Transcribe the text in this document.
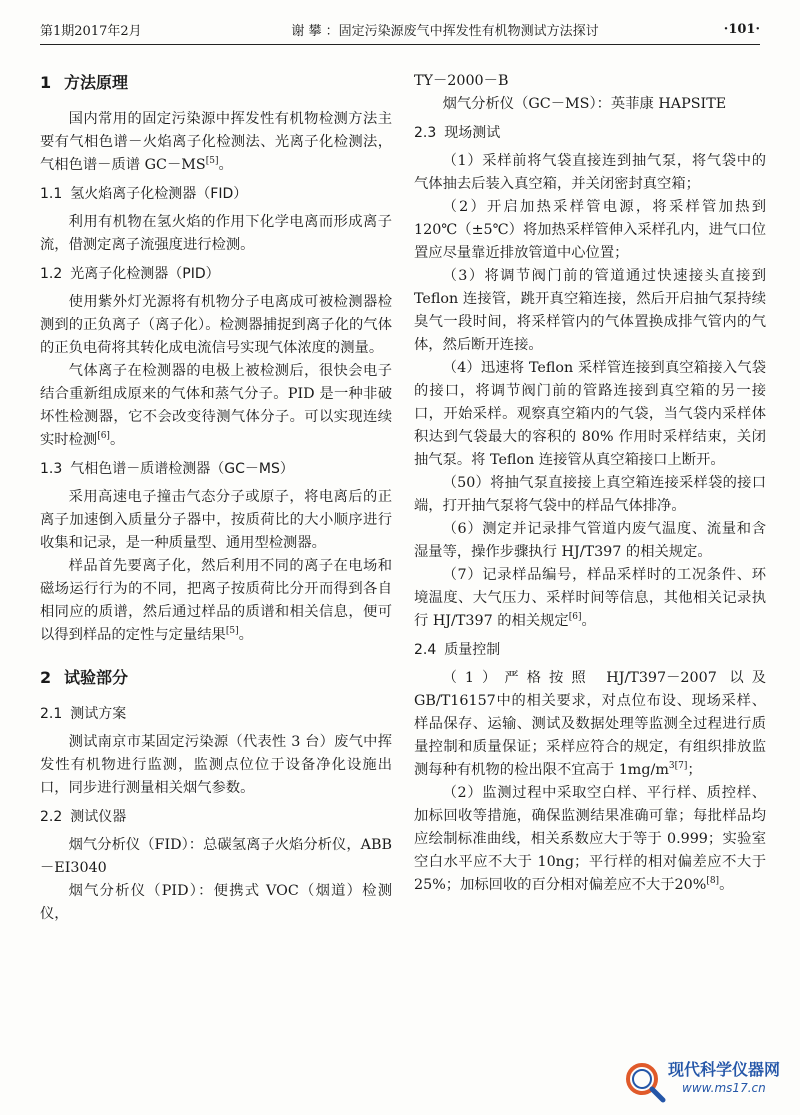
第1期2017年2月	谢 攀 ：固定污染源废气中挥发性有机物测试方法探讨	·101·
1 方法原理

国内常用的固定污染源中挥发性有机物检测方法主要有气相色谱－火焰离子化检测法、光离子化检测法，气相色谱－质谱 GC－MS[5]。

1.1 氢火焰离子化检测器（FID）

利用有机物在氢火焰的作用下化学电离而形成离子流，借测定离子流强度进行检测。

1.2 光离子化检测器（PID）

使用紫外灯光源将有机物分子电离成可被检测器检测到的正负离子（离子化）。检测器捕捉到离子化的气体的正负电荷将其转化成电流信号实现气体浓度的测量。

气体离子在检测器的电极上被检测后，很快会电子结合重新组成原来的气体和蒸气分子。PID 是一种非破坏性检测器，它不会改变待测气体分子。可以实现连续实时检测[6]。

1.3 气相色谱－质谱检测器（GC－MS）

采用高速电子撞击气态分子或原子，将电离后的正离子加速倒入质量分子器中，按质荷比的大小顺序进行收集和记录，是一种质量型、通用型检测器。

样品首先要离子化，然后利用不同的离子在电场和磁场运行行为的不同，把离子按质荷比分开而得到各自相同应的质谱，然后通过样品的质谱和相关信息，便可以得到样品的定性与定量结果[5]。

2 试验部分
2.1 测试方案

测试南京市某固定污染源（代表性 3 台）废气中挥发性有机物进行监测，监测点位位于设备净化设施出口，同步进行测量相关烟气参数。

2.2 测试仪器

烟气分析仪（FID）：总碳氢离子火焰分析仪，ABB－EI3040

烟气分析仪（PID）：便携式 VOC（烟道）检测仪，

TY－2000－B

烟气分析仪（GC－MS）：英菲康 HAPSITE

2.3 现场测试

（1）采样前将气袋直接连到抽气泵，将气袋中的气体抽去后装入真空箱，并关闭密封真空箱；

（2）开启加热采样管电源，将采样管加热到120℃（±5℃）将加热采样管伸入采样孔内，进气口位置应尽量靠近排放管道中心位置；

（3）将调节阀门前的管道通过快速接头直接到Teflon 连接管，跳开真空箱连接，然后开启抽气泵持续臭气一段时间，将采样管内的气体置换成排气管内的气体，然后断开连接。

（4）迅速将 Teflon 采样管连接到真空箱接入气袋的接口，将调节阀门前的管路连接到真空箱的另一接口，开始采样。观察真空箱内的气袋，当气袋内采样体积达到气袋最大的容积的 80% 作用时采样结束，关闭抽气泵。将 Teflon 连接管从真空箱接口上断开。

（50）将抽气泵直接接上真空箱连接采样袋的接口端，打开抽气泵将气袋中的样品气体排净。

（6）测定并记录排气管道内废气温度、流量和含湿量等，操作步骤执行 HJ/T397 的相关规定。

（7）记录样品编号，样品采样时的工况条件、环境温度、大气压力、采样时间等信息，其他相关记录执行 HJ/T397 的相关规定[6]。

2.4 质量控制

（1）严格按照 HJ/T397－2007 以及 GB/T16157中的相关要求，对点位布设、现场采样、样品保存、运输、测试及数据处理等监测全过程进行质量控制和质量保证；采样应符合的规定，有组织排放监测每种有机物的检出限不宜高于 $1mg/m^{3[7]}$；

（2）监测过程中采取空白样、平行样、质控样、加标回收等措施，确保监测结果准确可靠；每批样品均应绘制标准曲线，相关系数应大于等于 0.999；实验室空白水平应不大于 10ng；平行样的相对偏差应不大于 25%；加标回收的百分相对偏差应不大于20%[8]。

现代科学仪器网
www.ms17.cn
